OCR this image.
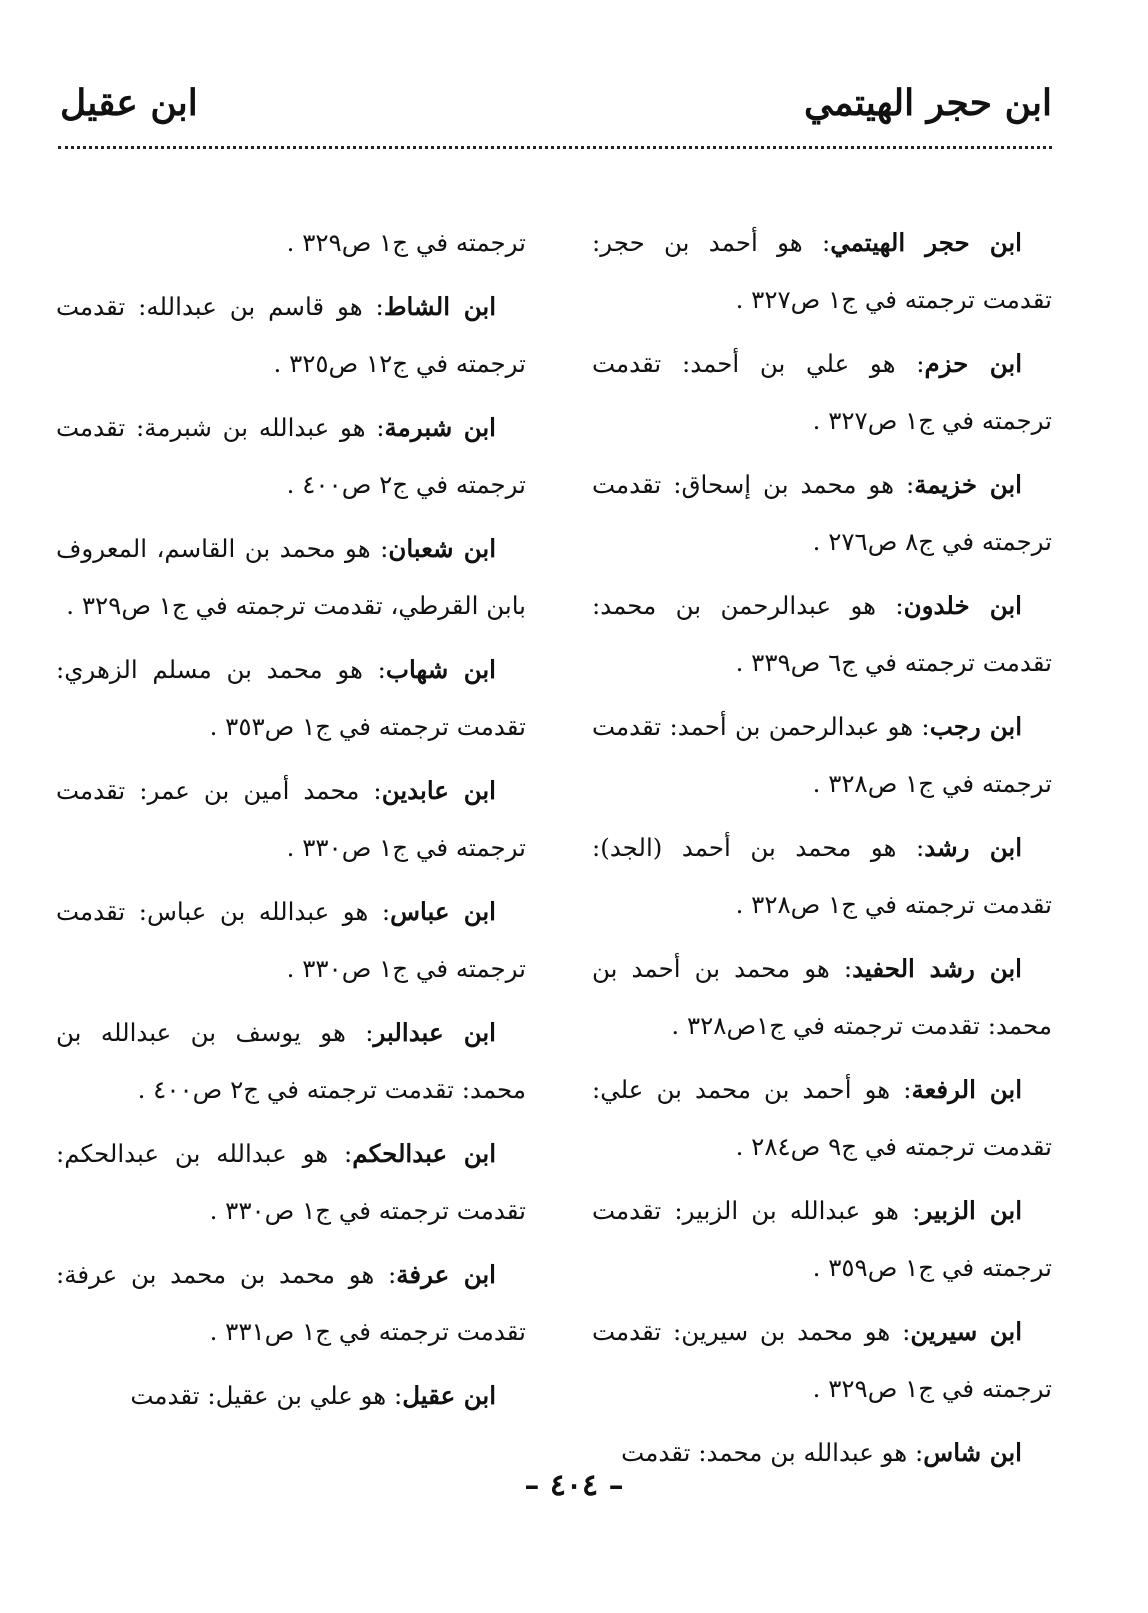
ابن حجر الهيتمي
ابن عقيل

ابن حجر الهيتمي: هو أحمد بن حجر: تقدمت ترجمته في ج١ ص٣٢٧ .

ابن حزم: هو علي بن أحمد: تقدمت ترجمته في ج١ ص٣٢٧ .

ابن خزيمة: هو محمد بن إسحاق: تقدمت ترجمته في ج٨ ص٢٧٦ .

ابن خلدون: هو عبدالرحمن بن محمد: تقدمت ترجمته في ج٦ ص٣٣٩ .

ابن رجب: هو عبدالرحمن بن أحمد: تقدمت ترجمته في ج١ ص٣٢٨ .

ابن رشد: هو محمد بن أحمد (الجد): تقدمت ترجمته في ج١ ص٣٢٨ .

ابن رشد الحفيد: هو محمد بن أحمد بن محمد: تقدمت ترجمته في ج١ص٣٢٨ .

ابن الرفعة: هو أحمد بن محمد بن علي: تقدمت ترجمته في ج٩ ص٢٨٤ .

ابن الزبير: هو عبدالله بن الزبير: تقدمت ترجمته في ج١ ص٣٥٩ .

ابن سيرين: هو محمد بن سيرين: تقدمت ترجمته في ج١ ص٣٢٩ .

ابن شاس: هو عبدالله بن محمد: تقدمت

ترجمته في ج١ ص٣٢٩ .

ابن الشاط: هو قاسم بن عبدالله: تقدمت ترجمته في ج١٢ ص٣٢٥ .

ابن شبرمة: هو عبدالله بن شبرمة: تقدمت ترجمته في ج٢ ص٤٠٠ .

ابن شعبان: هو محمد بن القاسم، المعروف بابن القرطي، تقدمت ترجمته في ج١ ص٣٢٩ .

ابن شهاب: هو محمد بن مسلم الزهري: تقدمت ترجمته في ج١ ص٣٥٣ .

ابن عابدين: محمد أمين بن عمر: تقدمت ترجمته في ج١ ص٣٣٠ .

ابن عباس: هو عبدالله بن عباس: تقدمت ترجمته في ج١ ص٣٣٠ .

ابن عبدالبر: هو يوسف بن عبدالله بن محمد: تقدمت ترجمته في ج٢ ص٤٠٠ .

ابن عبدالحكم: هو عبدالله بن عبدالحكم: تقدمت ترجمته في ج١ ص٣٣٠ .

ابن عرفة: هو محمد بن محمد بن عرفة: تقدمت ترجمته في ج١ ص٣٣١ .

ابن عقيل: هو علي بن عقيل: تقدمت

– ٤٠٤ –
